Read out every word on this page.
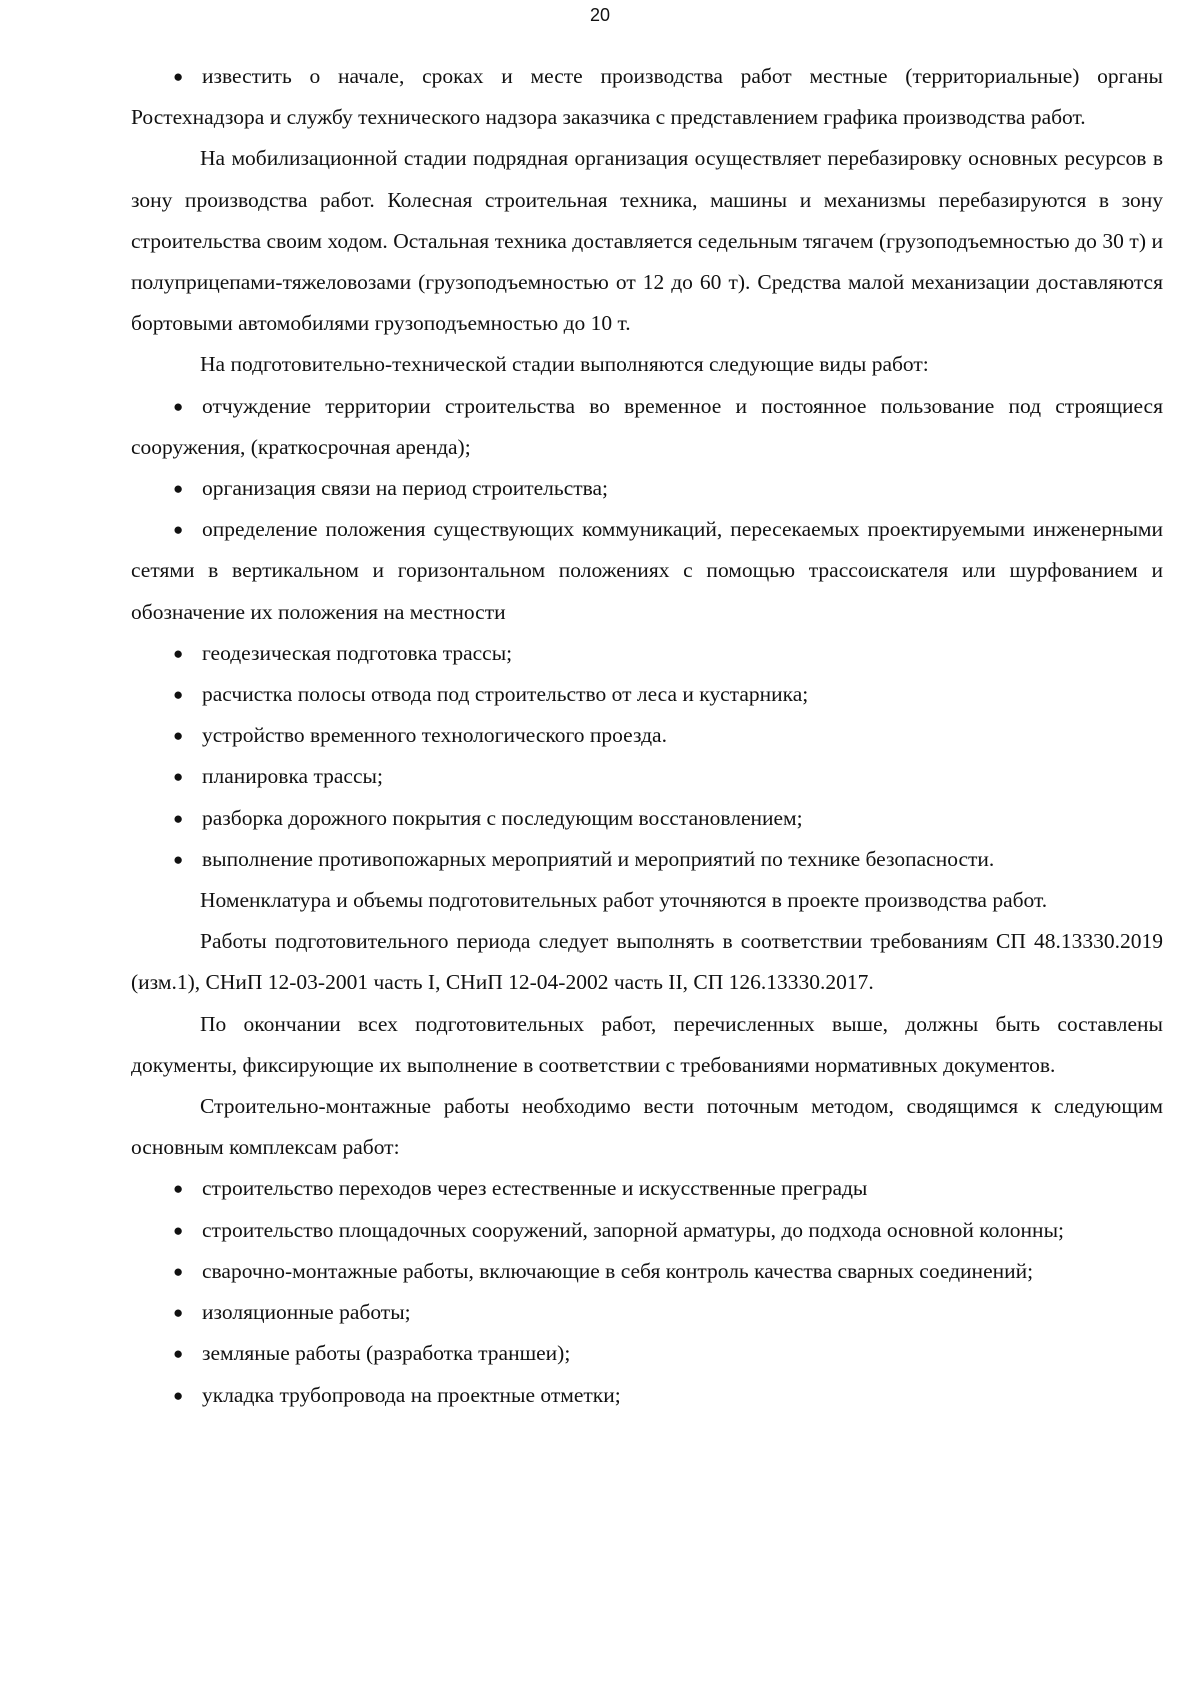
20

● известить о начале, сроках и месте производства работ местные (территориальные) органы Ростехнадзора и службу технического надзора заказчика с представлением графика производства работ.

На мобилизационной стадии подрядная организация осуществляет перебазировку основных ресурсов в зону производства работ. Колесная строительная техника, машины и механизмы перебазируются в зону строительства своим ходом. Остальная техника доставляется седельным тягачем (грузоподъемностью до 30 т) и полуприцепами-тяжеловозами (грузоподъемностью от 12 до 60 т). Средства малой механизации доставляются бортовыми автомобилями грузоподъемностью до 10 т.

На подготовительно-технической стадии выполняются следующие виды работ:

● отчуждение территории строительства во временное и постоянное пользование под строящиеся сооружения, (краткосрочная аренда);

● организация связи на период строительства;

● определение положения существующих коммуникаций, пересекаемых проектируемыми инженерными сетями в вертикальном и горизонтальном положениях с помощью трассоискателя или шурфованием и обозначение их положения на местности

● геодезическая подготовка трассы;

● расчистка полосы отвода под строительство от леса и кустарника;

● устройство временного технологического проезда.

● планировка трассы;

● разборка дорожного покрытия с последующим восстановлением;

● выполнение противопожарных мероприятий и мероприятий по технике безопасности.

Номенклатура и объемы подготовительных работ уточняются в проекте производства работ.

Работы подготовительного периода следует выполнять в соответствии требованиям СП 48.13330.2019 (изм.1), СНиП 12-03-2001 часть I, СНиП 12-04-2002 часть II, СП 126.13330.2017.

По окончании всех подготовительных работ, перечисленных выше, должны быть составлены документы, фиксирующие их выполнение в соответствии с требованиями нормативных документов.

Строительно-монтажные работы необходимо вести поточным методом, сводящимся к следующим основным комплексам работ:

● строительство переходов через естественные и искусственные преграды

● строительство площадочных сооружений, запорной арматуры, до подхода основной колонны;

● сварочно-монтажные работы, включающие в себя контроль качества сварных соединений;

● изоляционные работы;

● земляные работы (разработка траншеи);

● укладка трубопровода на проектные отметки;
